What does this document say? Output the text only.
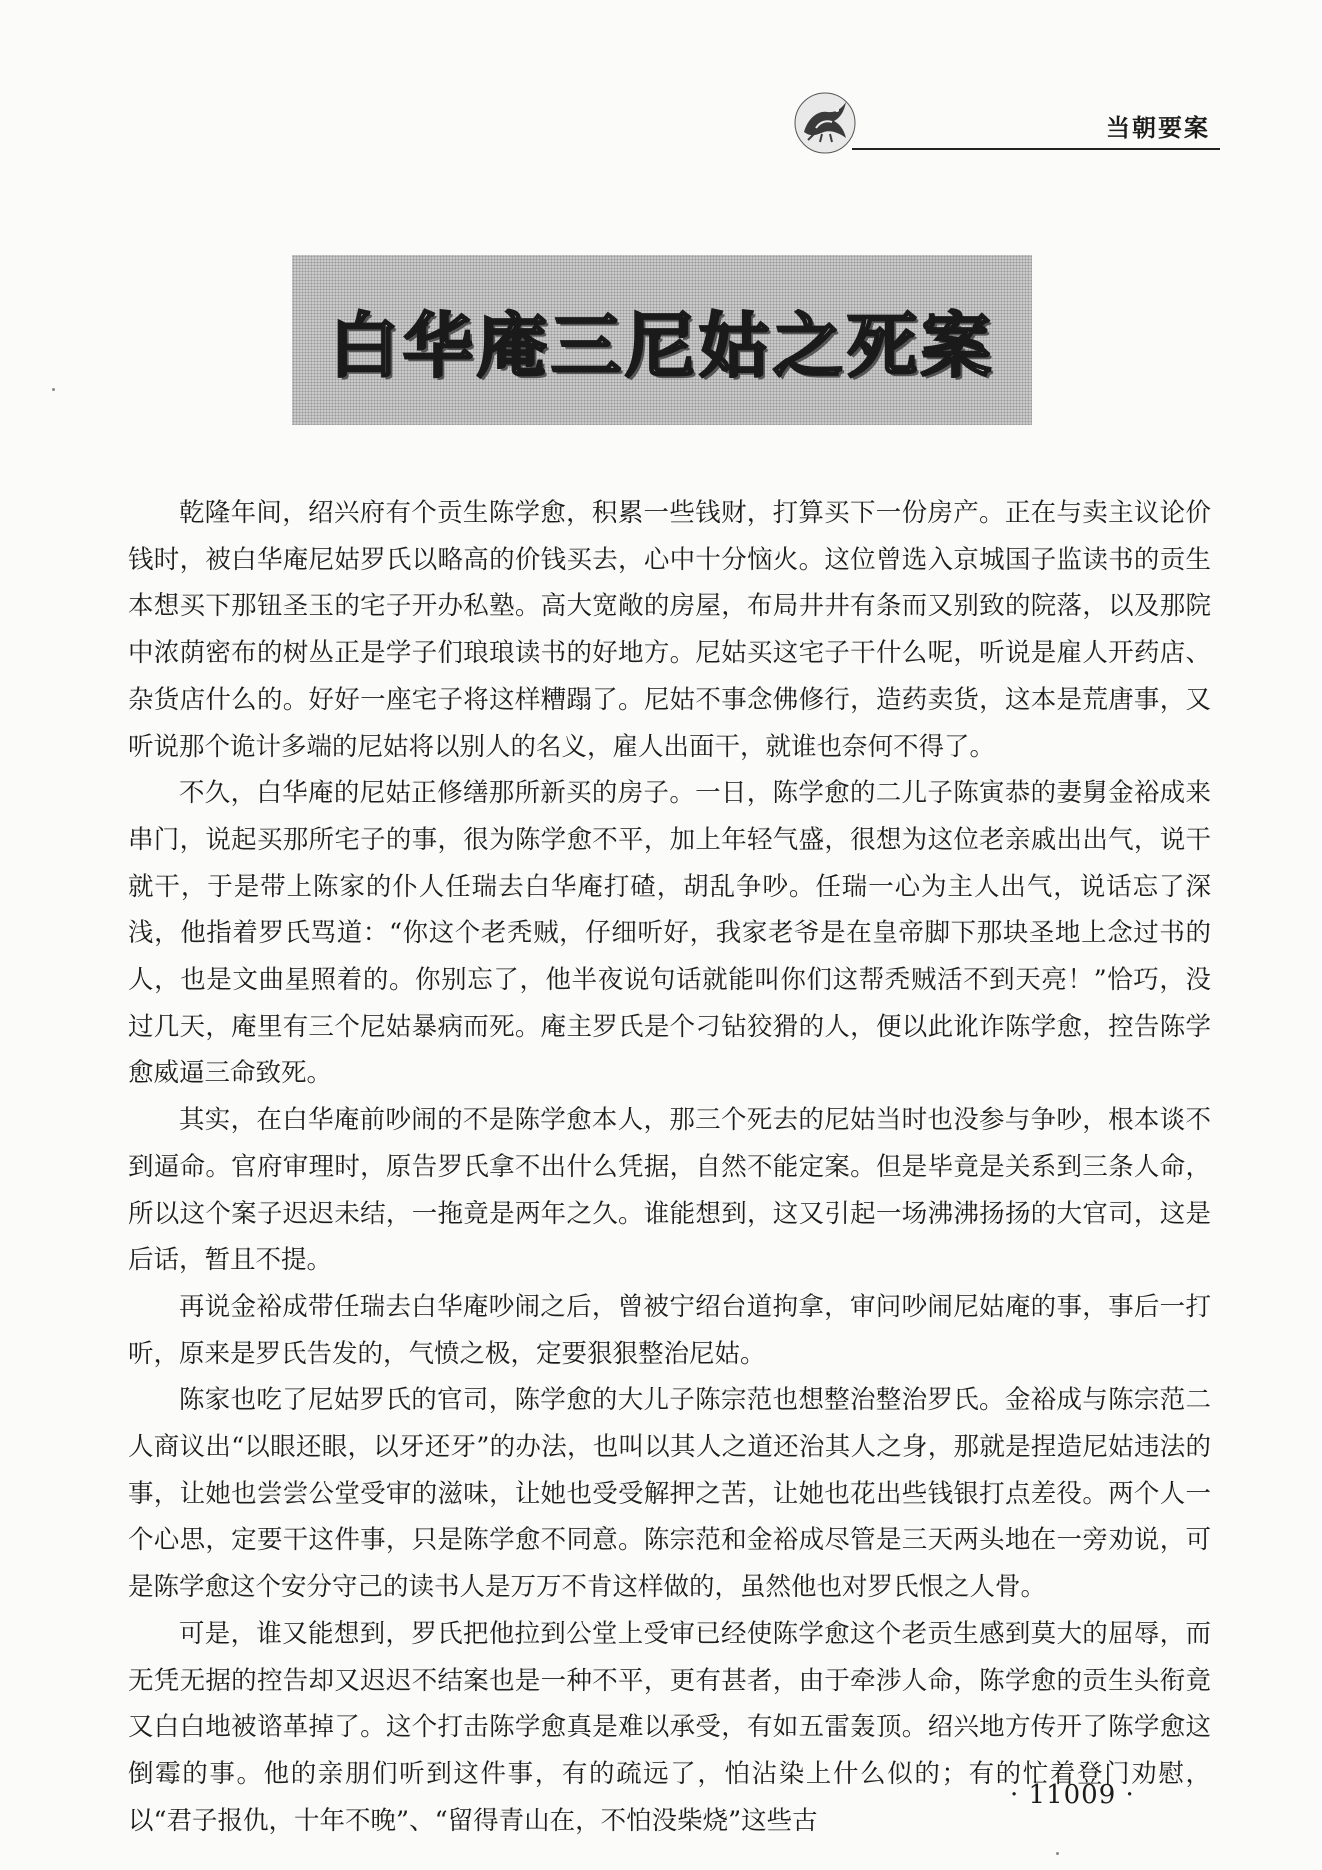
当朝要案
白华庵三尼姑之死案

乾隆年间，绍兴府有个贡生陈学愈，积累一些钱财，打算买下一份房产。正在与卖主议论价钱时，被白华庵尼姑罗氏以略高的价钱买去，心中十分恼火。这位曾选入京城国子监读书的贡生本想买下那钮圣玉的宅子开办私塾。高大宽敞的房屋，布局井井有条而又别致的院落，以及那院中浓荫密布的树丛正是学子们琅琅读书的好地方。尼姑买这宅子干什么呢，听说是雇人开药店、杂货店什么的。好好一座宅子将这样糟蹋了。尼姑不事念佛修行，造药卖货，这本是荒唐事，又听说那个诡计多端的尼姑将以别人的名义，雇人出面干，就谁也奈何不得了。

不久，白华庵的尼姑正修缮那所新买的房子。一日，陈学愈的二儿子陈寅恭的妻舅金裕成来串门，说起买那所宅子的事，很为陈学愈不平，加上年轻气盛，很想为这位老亲戚出出气，说干就干，于是带上陈家的仆人任瑞去白华庵打碴，胡乱争吵。任瑞一心为主人出气，说话忘了深浅，他指着罗氏骂道：“你这个老秃贼，仔细听好，我家老爷是在皇帝脚下那块圣地上念过书的人，也是文曲星照着的。你别忘了，他半夜说句话就能叫你们这帮秃贼活不到天亮！”恰巧，没过几天，庵里有三个尼姑暴病而死。庵主罗氏是个刁钻狡猾的人，便以此讹诈陈学愈，控告陈学愈威逼三命致死。

其实，在白华庵前吵闹的不是陈学愈本人，那三个死去的尼姑当时也没参与争吵，根本谈不到逼命。官府审理时，原告罗氏拿不出什么凭据，自然不能定案。但是毕竟是关系到三条人命，所以这个案子迟迟未结，一拖竟是两年之久。谁能想到，这又引起一场沸沸扬扬的大官司，这是后话，暂且不提。

再说金裕成带任瑞去白华庵吵闹之后，曾被宁绍台道拘拿，审问吵闹尼姑庵的事，事后一打听，原来是罗氏告发的，气愤之极，定要狠狠整治尼姑。

陈家也吃了尼姑罗氏的官司，陈学愈的大儿子陈宗范也想整治整治罗氏。金裕成与陈宗范二人商议出“以眼还眼，以牙还牙”的办法，也叫以其人之道还治其人之身，那就是捏造尼姑违法的事，让她也尝尝公堂受审的滋味，让她也受受解押之苦，让她也花出些钱银打点差役。两个人一个心思，定要干这件事，只是陈学愈不同意。陈宗范和金裕成尽管是三天两头地在一旁劝说，可是陈学愈这个安分守己的读书人是万万不肯这样做的，虽然他也对罗氏恨之人骨。

可是，谁又能想到，罗氏把他拉到公堂上受审已经使陈学愈这个老贡生感到莫大的屈辱，而无凭无据的控告却又迟迟不结案也是一种不平，更有甚者，由于牵涉人命，陈学愈的贡生头衔竟又白白地被谘革掉了。这个打击陈学愈真是难以承受，有如五雷轰顶。绍兴地方传开了陈学愈这倒霉的事。他的亲朋们听到这件事，有的疏远了，怕沾染上什么似的；有的忙着登门劝慰，以“君子报仇，十年不晚”、“留得青山在，不怕没柴烧”这些古

· 11009 ·
